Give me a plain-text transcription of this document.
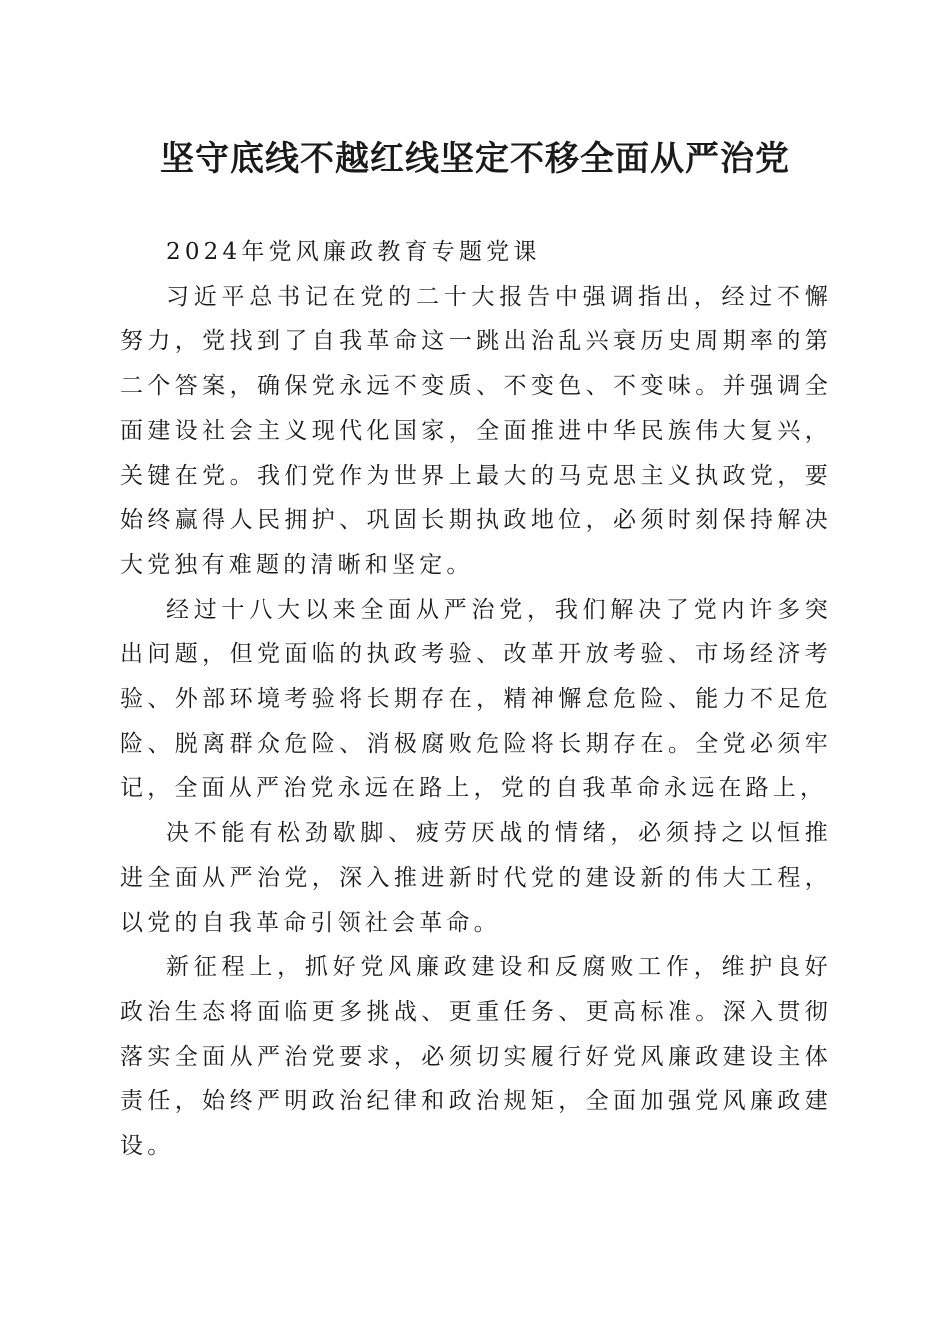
坚守底线不越红线坚定不移全面从严治党

2024年党风廉政教育专题党课

习近平总书记在党的二十大报告中强调指出，经过不懈努力，党找到了自我革命这一跳出治乱兴衰历史周期率的第二个答案，确保党永远不变质、不变色、不变味。并强调全面建设社会主义现代化国家，全面推进中华民族伟大复兴，关键在党。我们党作为世界上最大的马克思主义执政党，要始终赢得人民拥护、巩固长期执政地位，必须时刻保持解决大党独有难题的清晰和坚定。

经过十八大以来全面从严治党，我们解决了党内许多突出问题，但党面临的执政考验、改革开放考验、市场经济考验、外部环境考验将长期存在，精神懈怠危险、能力不足危险、脱离群众危险、消极腐败危险将长期存在。全党必须牢记，全面从严治党永远在路上，党的自我革命永远在路上，

决不能有松劲歇脚、疲劳厌战的情绪，必须持之以恒推进全面从严治党，深入推进新时代党的建设新的伟大工程，以党的自我革命引领社会革命。

新征程上，抓好党风廉政建设和反腐败工作，维护良好政治生态将面临更多挑战、更重任务、更高标准。深入贯彻落实全面从严治党要求，必须切实履行好党风廉政建设主体责任，始终严明政治纪律和政治规矩，全面加强党风廉政建设。
